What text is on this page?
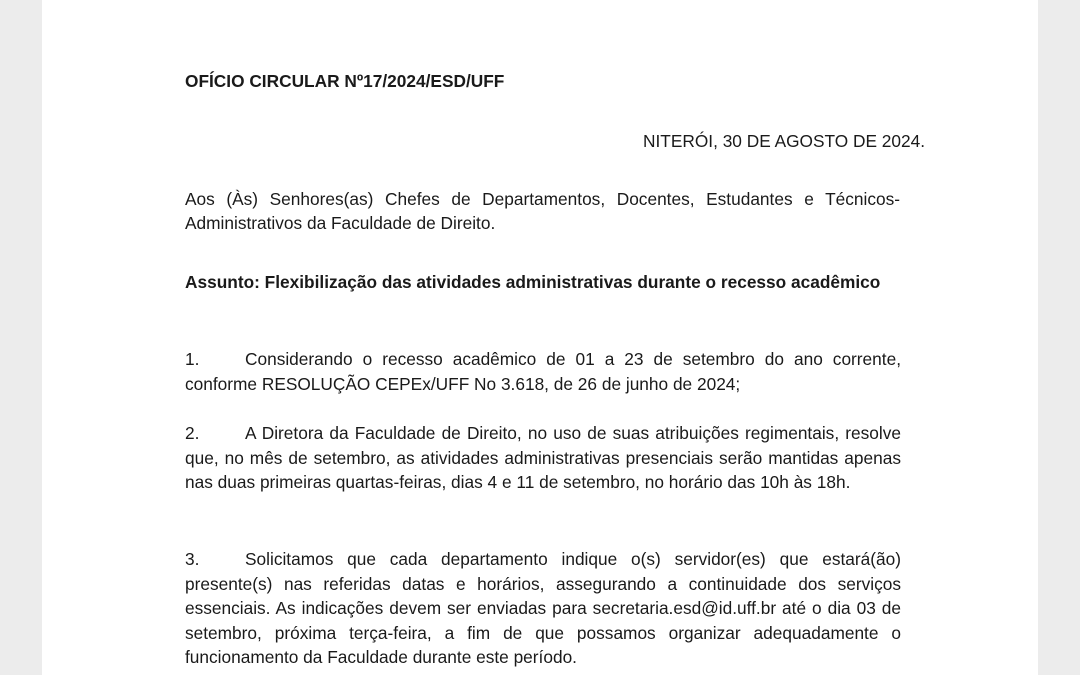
OFÍCIO CIRCULAR Nº17/2024/ESD/UFF
NITERÓI, 30 DE AGOSTO DE 2024.
Aos (Às) Senhores(as) Chefes de Departamentos, Docentes, Estudantes e Técnicos-
Administrativos da Faculdade de Direito.
Assunto: Flexibilização das atividades administrativas durante o recesso acadêmico
1.	Considerando o recesso acadêmico de 01 a 23 de setembro do ano corrente, conforme RESOLUÇÃO CEPEx/UFF No 3.618, de 26 de junho de 2024;
2.	A Diretora da Faculdade de Direito, no uso de suas atribuições regimentais, resolve que, no mês de setembro, as atividades administrativas presenciais serão mantidas apenas nas duas primeiras quartas-feiras, dias 4 e 11 de setembro, no horário das 10h às 18h.
3.	Solicitamos que cada departamento indique o(s) servidor(es) que estará(ão) presente(s) nas referidas datas e horários, assegurando a continuidade dos serviços essenciais. As indicações devem ser enviadas para secretaria.esd@id.uff.br até o dia 03 de setembro, próxima terça-feira, a fim de que possamos organizar adequadamente o funcionamento da Faculdade durante este período.
